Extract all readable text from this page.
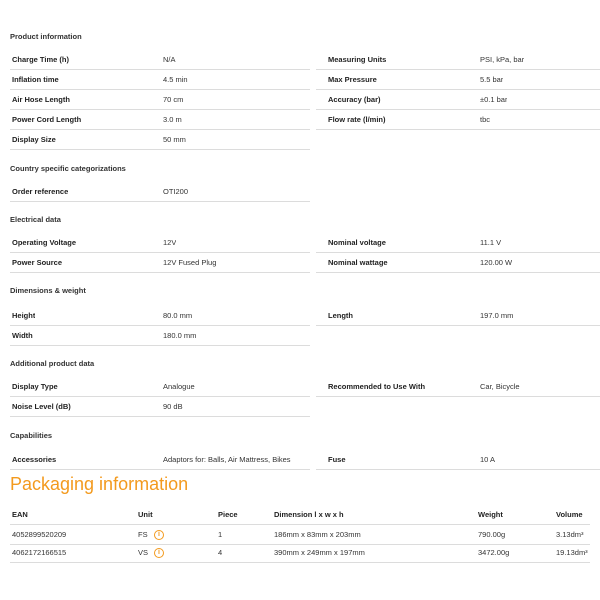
Product information
Charge Time (h)	N/A	Measuring Units	PSI, kPa, bar
Inflation time	4.5 min	Max Pressure	5.5 bar
Air Hose Length	70 cm	Accuracy (bar)	±0.1 bar
Power Cord Length	3.0 m	Flow rate (l/min)	tbc
Display Size	50 mm
Country specific categorizations
Order reference	OTI200
Electrical data
Operating Voltage	12V	Nominal voltage	11.1 V
Power Source	12V Fused Plug	Nominal wattage	120.00 W
Dimensions & weight
Height	80.0 mm	Length	197.0 mm
Width	180.0 mm
Additional product data
Display Type	Analogue	Recommended to Use With	Car, Bicycle
Noise Level (dB)	90 dB
Capabilities
Accessories	Adaptors for: Balls, Air Mattress, Bikes	Fuse	10 A
Packaging information
EAN	Unit	Piece	Dimension l x w x h	Weight	Volume
4052899520209	FS	i	1	186mm x 83mm x 203mm	790.00g	3.13dm³
4062172166515	VS	i	4	390mm x 249mm x 197mm	3472.00g	19.13dm³
